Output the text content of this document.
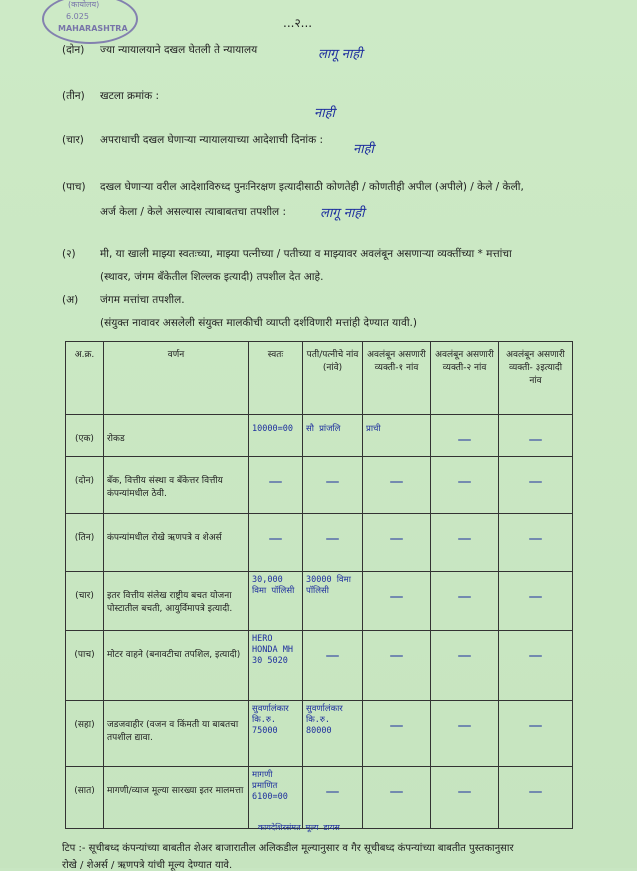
(कायोलय)
6.025
MAHARASHTRA	...२...
(दोन) ज्या न्यायालयाने दखल घेतली ते न्यायालय	लागू नाही
(तीन) खटला क्रमांक :
नाही
(चार) अपराधाची दखल घेणाऱ्या न्यायालयाच्या आदेशाची दिनांक :
नाही
(पाच) दखल घेणाऱ्या वरील आदेशाविरुध्द पुनःनिरक्षण इत्यादीसाठी कोणतेही / कोणतीही अपील (अपीले) / केले / केली,
अर्ज केला / केले असल्यास त्याबाबतचा तपशील :	लागू नाही
(२) मी, या खाली माझ्या स्वतःच्या, माझ्या पत्नीच्या / पतीच्या व माझ्यावर अवलंबून असणाऱ्या व्यक्तींच्या * मत्तांचा
(स्थावर, जंगम बँकेतील शिल्लक इत्यादी) तपशील देत आहे.
(अ) जंगम मत्तांचा तपशील.
(संयुक्त नावावर असलेली संयुक्त मालकीची व्याप्ती दर्शविणारी मत्तांही देण्यात यावी.)
अ.क्र.	वर्णन	स्वतः	पती/पत्नीचे नांव (नांवे)	अवलंबून असणारी व्यक्ती-१ नांव	अवलंबून असणारी व्यक्ती-२ नांव	अवलंबून असणारी व्यक्ती- ३इत्यादी नांव
(एक)	रोकड	10000=00	सौ प्रांजलि	प्राची	—	—

(दोन)	बँक, वित्तीय संस्था व बँकेत्तर वित्तीय कंपन्यांमधील ठेवी.	—	—	—	—	—

(तिन)	कंपन्यांमधील रोखे ऋणपत्रे व शेअर्स	—	—	—	—	—

(चार)	इतर वित्तीय संलेख राष्ट्रीय बचत योजना पोस्टातील बचती, आयुर्विमापत्रे इत्यादी.	30,000 विमा पॉलिसी	30000 विमा पॉलिसी	—	—	—

(पाच)	मोटर वाहने (बनावटीचा तपशिल, इत्यादी)	HERO HONDA MH 30 5020	—	—	—	—

(सहा)	जडजवाहीर (वजन व किंमती या बाबतचा तपशील द्यावा.	सुवर्णालंकार कि.रु. 75000	सुवर्णालंकार कि.रु. 80000	—	—	—

(सात)	मागणी/व्याज मूल्या सारख्या इतर मालमत्ता	मागणी प्रमाणित 6100=00	—	—	—	—
कायदेशिरसंमत मूल्य डायस
टिप :- सूचीबध्द कंपन्यांच्या बाबतीत शेअर बाजारातील अलिकडील मूल्यानुसार व गैर सूचीबध्द कंपन्यांच्या बाबतीत पुस्तकानुसार
रोखे / शेअर्स / ऋणपत्रे यांची मूल्य देण्यात यावे.
